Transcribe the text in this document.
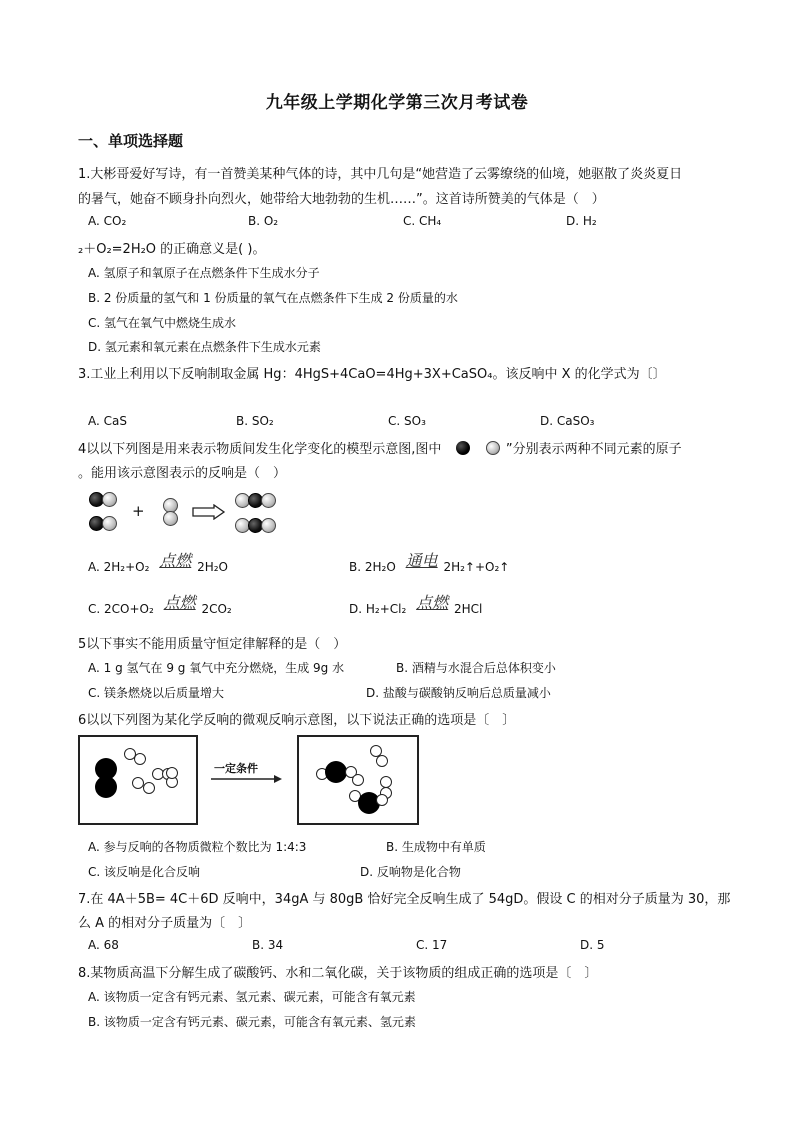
九年级上学期化学第三次月考试卷
一、单项选择题
1.大彬哥爱好写诗，有一首赞美某种气体的诗，其中几句是“她营造了云雾缭绕的仙境，她驱散了炎炎夏日
的暑气，她奋不顾身扑向烈火，她带给大地勃勃的生机……”。这首诗所赞美的气体是（　）
A. CO₂	B. O₂	C. CH₄	D. H₂
₂＋O₂=2H₂O 的正确意义是( )。
A. 氢原子和氧原子在点燃条件下生成水分子
B. 2 份质量的氢气和 1 份质量的氧气在点燃条件下生成 2 份质量的水
C. 氢气在氧气中燃烧生成水
D. 氢元素和氧元素在点燃条件下生成水元素
3.工业上利用以下反响制取金属 Hg：4HgS+4CaO=4Hg+3X+CaSO₄。该反响中 X 的化学式为〔〕
A. CaS	B. SO₂	C. SO₃	D. CaSO₃
4以以下列图是用来表示物质间发生化学变化的模型示意图,图中	”分别表示两种不同元素的原子
。能用该示意图表示的反响是（　）
+
A. 2H₂+O₂ 点燃 2H₂O	B. 2H₂O 通电 2H₂↑+O₂↑
C. 2CO+O₂ 点燃 2CO₂	D. H₂+Cl₂ 点燃 2HCl
5以下事实不能用质量守恒定律解释的是（　）
A. 1 g 氢气在 9 g 氧气中充分燃烧，生成 9g 水	B. 酒精与水混合后总体积变小
C. 镁条燃烧以后质量增大	D. 盐酸与碳酸钠反响后总质量减小
6以以下列图为某化学反响的微观反响示意图，以下说法正确的选项是〔　〕
一定条件
A. 参与反响的各物质微粒个数比为 1:4:3	B. 生成物中有单质
C. 该反响是化合反响	D. 反响物是化合物
7.在 4A＋5B= 4C＋6D 反响中，34gA 与 80gB 恰好完全反响生成了 54gD。假设 C 的相对分子质量为 30，那
么 A 的相对分子质量为〔　〕
A. 68	B. 34	C. 17	D. 5
8.某物质高温下分解生成了碳酸钙、水和二氧化碳，关于该物质的组成正确的选项是〔　〕
A. 该物质一定含有钙元素、氢元素、碳元素，可能含有氧元素
B. 该物质一定含有钙元素、碳元素，可能含有氧元素、氢元素
